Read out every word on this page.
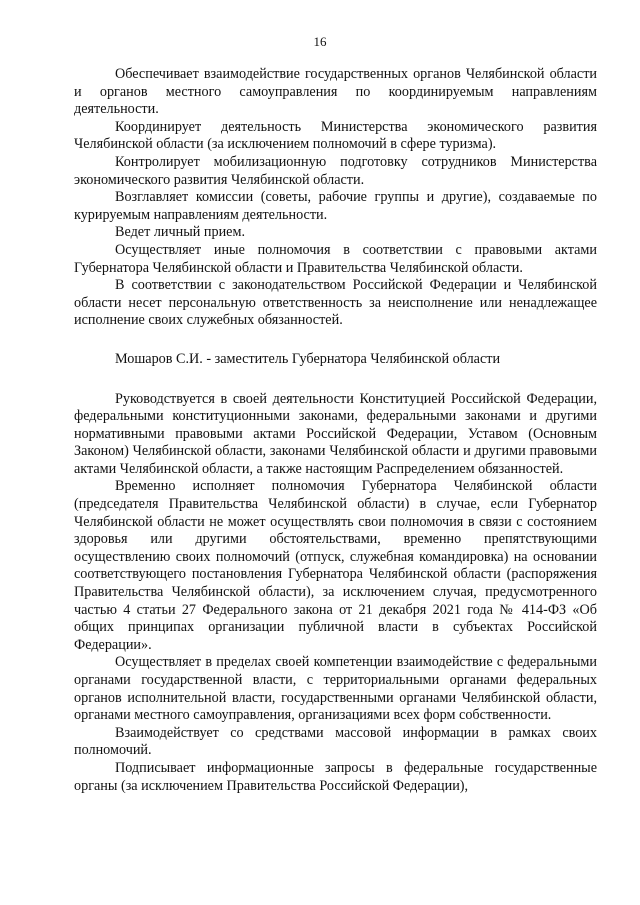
16

Обеспечивает взаимодействие государственных органов Челябинской области и органов местного самоуправления по координируемым направлениям деятельности.

Координирует деятельность Министерства экономического развития Челябинской области (за исключением полномочий в сфере туризма).

Контролирует мобилизационную подготовку сотрудников Министерства экономического развития Челябинской области.

Возглавляет комиссии (советы, рабочие группы и другие), создаваемые по курируемым направлениям деятельности.

Ведет личный прием.

Осуществляет иные полномочия в соответствии с правовыми актами Губернатора Челябинской области и Правительства Челябинской области.

В соответствии с законодательством Российской Федерации и Челябинской области несет персональную ответственность за неисполнение или ненадлежащее исполнение своих служебных обязанностей.

Мошаров С.И. - заместитель Губернатора Челябинской области

Руководствуется в своей деятельности Конституцией Российской Федерации, федеральными конституционными законами, федеральными законами и другими нормативными правовыми актами Российской Федерации, Уставом (Основным Законом) Челябинской области, законами Челябинской области и другими правовыми актами Челябинской области, а также настоящим Распределением обязанностей.

Временно исполняет полномочия Губернатора Челябинской области (председателя Правительства Челябинской области) в случае, если Губернатор Челябинской области не может осуществлять свои полномочия в связи с состоянием здоровья или другими обстоятельствами, временно препятствующими осуществлению своих полномочий (отпуск, служебная командировка) на основании соответствующего постановления Губернатора Челябинской области (распоряжения Правительства Челябинской области), за исключением случая, предусмотренного частью 4 статьи 27 Федерального закона от 21 декабря 2021 года № 414-ФЗ «Об общих принципах организации публичной власти в субъектах Российской Федерации».

Осуществляет в пределах своей компетенции взаимодействие с федеральными органами государственной власти, с территориальными органами федеральных органов исполнительной власти, государственными органами Челябинской области, органами местного самоуправления, организациями всех форм собственности.

Взаимодействует со средствами массовой информации в рамках своих полномочий.

Подписывает информационные запросы в федеральные государственные органы (за исключением Правительства Российской Федерации),
